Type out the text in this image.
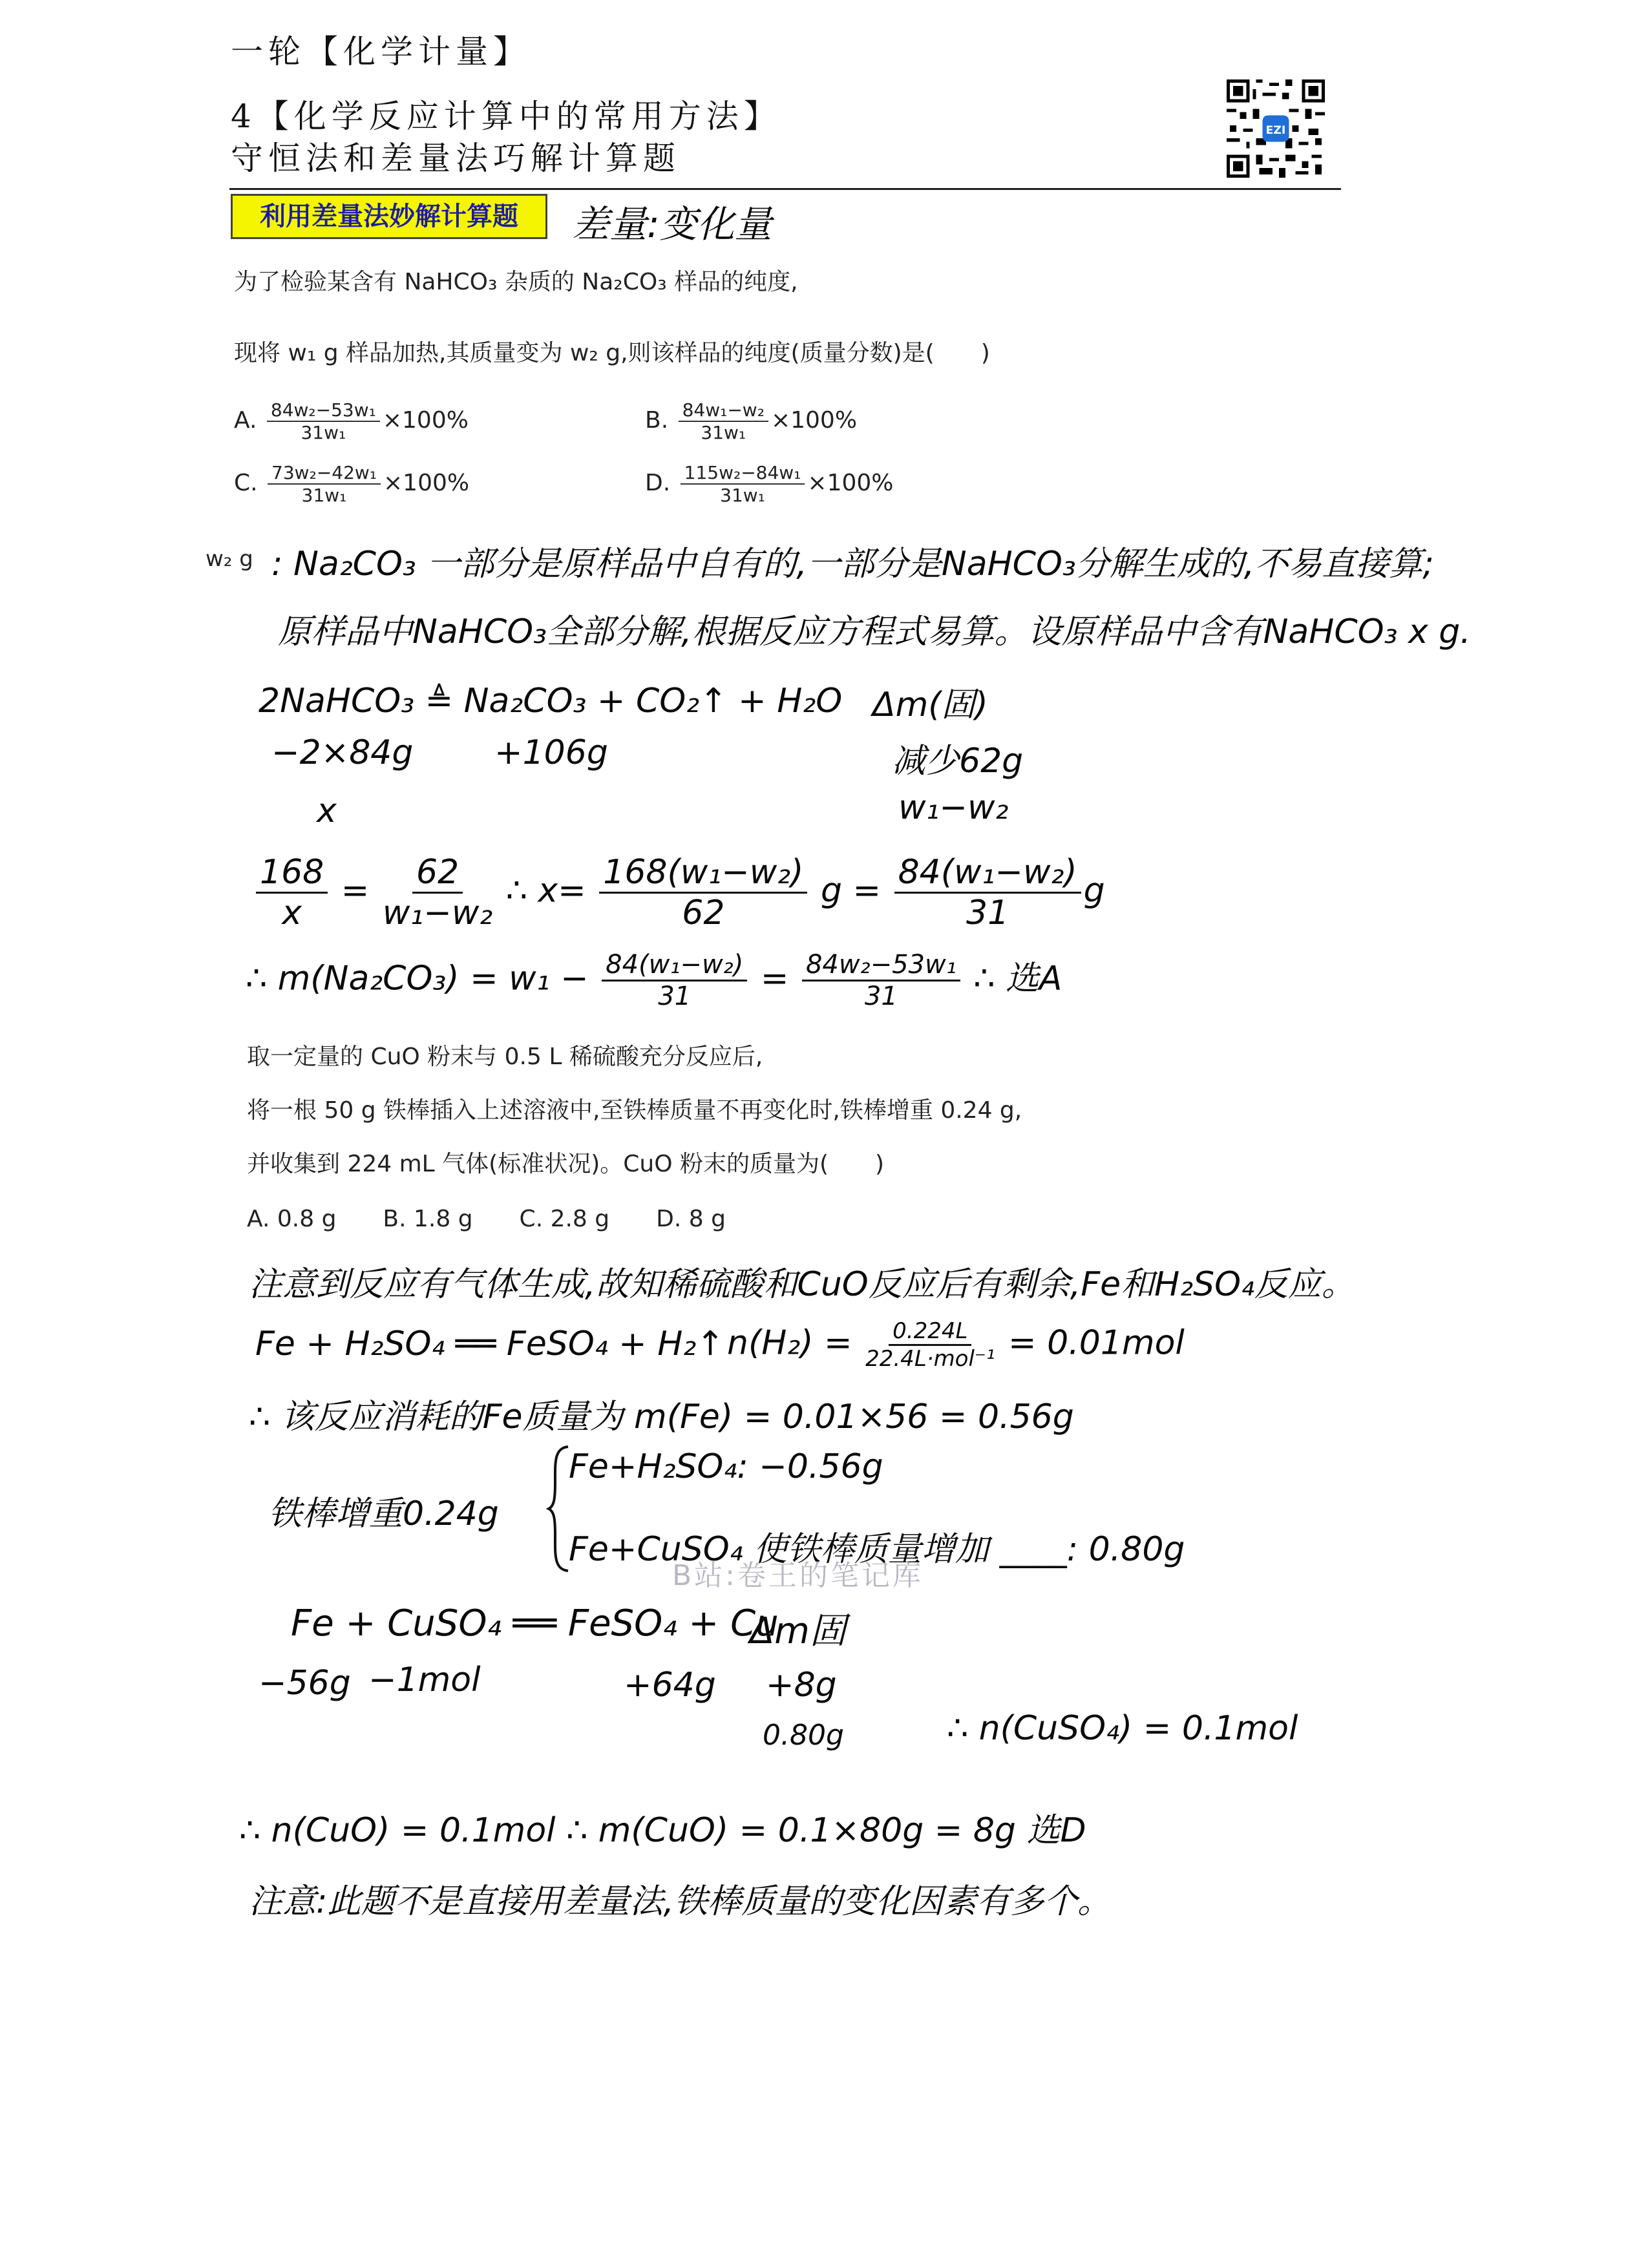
一轮【化学计量】
4【化学反应计算中的常用方法】
守恒法和差量法巧解计算题
EZI
利用差量法妙解计算题	差量:变化量
为了检验某含有 NaHCO₃ 杂质的 Na₂CO₃ 样品的纯度,
现将 w₁ g 样品加热,其质量变为 w₂ g,则该样品的纯度(质量分数)是(　　)
A. $\frac{\text{84w₂−53w₁}}{\text{31w₁}} \times 100\%$	B. $\frac{\text{84w₁−w₂}}{\text{31w₁}} \times 100\%$
C. $\frac{\text{73w₂−42w₁}}{\text{31w₁}} \times 100\%$	D. $\frac{\text{115w₂−84w₁}}{\text{31w₁}} \times 100\%$
w₂ g : Na₂CO₃ 一部分是原样品中自有的,一部分是NaHCO₃分解生成的,不易直接算;
原样品中NaHCO₃全部分解,根据反应方程式易算。设原样品中含有NaHCO₃ x g.
2NaHCO₃ ≜ Na₂CO₃ + CO₂↑ + H₂O Δm(固)
−2×84g +106g	减少62g
x	w₁−w₂
$\frac{168}{x} = \frac{62}{\text{w₁−w₂}}$ ∴ $x= \frac{\text{168(w₁−w₂)}}{62}$ $g = \frac{\text{84(w₁−w₂)}}{31}$ g
∴ $m(Na_2CO_3) = w_1 - \frac{\text{84(w₁−w₂)}}{31} = \frac{\text{84w₂−53w₁}}{31}$ ∴ 选A
取一定量的 CuO 粉末与 0.5 L 稀硫酸充分反应后,
将一根 50 g 铁棒插入上述溶液中,至铁棒质量不再变化时,铁棒增重 0.24 g,
并收集到 224 mL 气体(标准状况)。CuO 粉末的质量为(　　)
A. 0.8 g　　B. 1.8 g　　C. 2.8 g　　D. 8 g
注意到反应有气体生成,故知稀硫酸和CuO反应后有剩余,Fe和H₂SO₄反应。
Fe + H₂SO₄ ══ FeSO₄ + H₂↑ $n(H_2) = \frac{0.224L}{\text{22.4L·mol⁻¹}} = 0.01mol$
∴ 该反应消耗的Fe质量为 m(Fe) = 0.01×56 = 0.56g
铁棒增重0.24g
Fe+H₂SO₄: −0.56g
Fe+CuSO₄ 使铁棒质量增加 ____: 0.80g
B站:卷王的笔记库
Fe + CuSO₄ ══ FeSO₄ + Cu
Δm固
−56g −1mol	+64g +8g
0.80g	∴ n(CuSO₄) = 0.1mol
∴ n(CuO) = 0.1mol ∴ m(CuO) = 0.1×80g = 8g 选D
注意:此题不是直接用差量法,铁棒质量的变化因素有多个。
